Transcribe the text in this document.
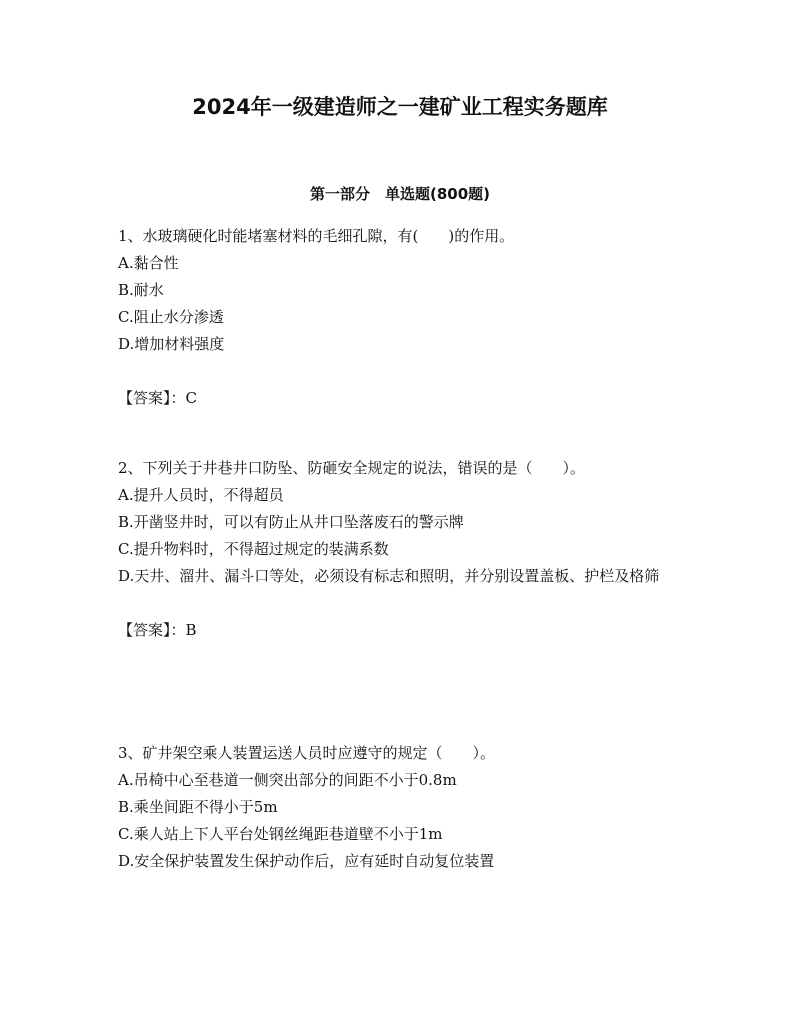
2024年一级建造师之一建矿业工程实务题库
第一部分　单选题(800题)
1、水玻璃硬化时能堵塞材料的毛细孔隙，有(　　)的作用。
A.黏合性
B.耐水
C.阻止水分渗透
D.增加材料强度
【答案】：C
2、下列关于井巷井口防坠、防砸安全规定的说法，错误的是（　　）。
A.提升人员时，不得超员
B.开凿竖井时，可以有防止从井口坠落废石的警示牌
C.提升物料时，不得超过规定的装满系数
D.天井、溜井、漏斗口等处，必须设有标志和照明，并分别设置盖板、护栏及格筛
【答案】：B
3、矿井架空乘人装置运送人员时应遵守的规定（　　）。
A.吊椅中心至巷道一侧突出部分的间距不小于0.8m
B.乘坐间距不得小于5m
C.乘人站上下人平台处钢丝绳距巷道壁不小于1m
D.安全保护装置发生保护动作后，应有延时自动复位装置
